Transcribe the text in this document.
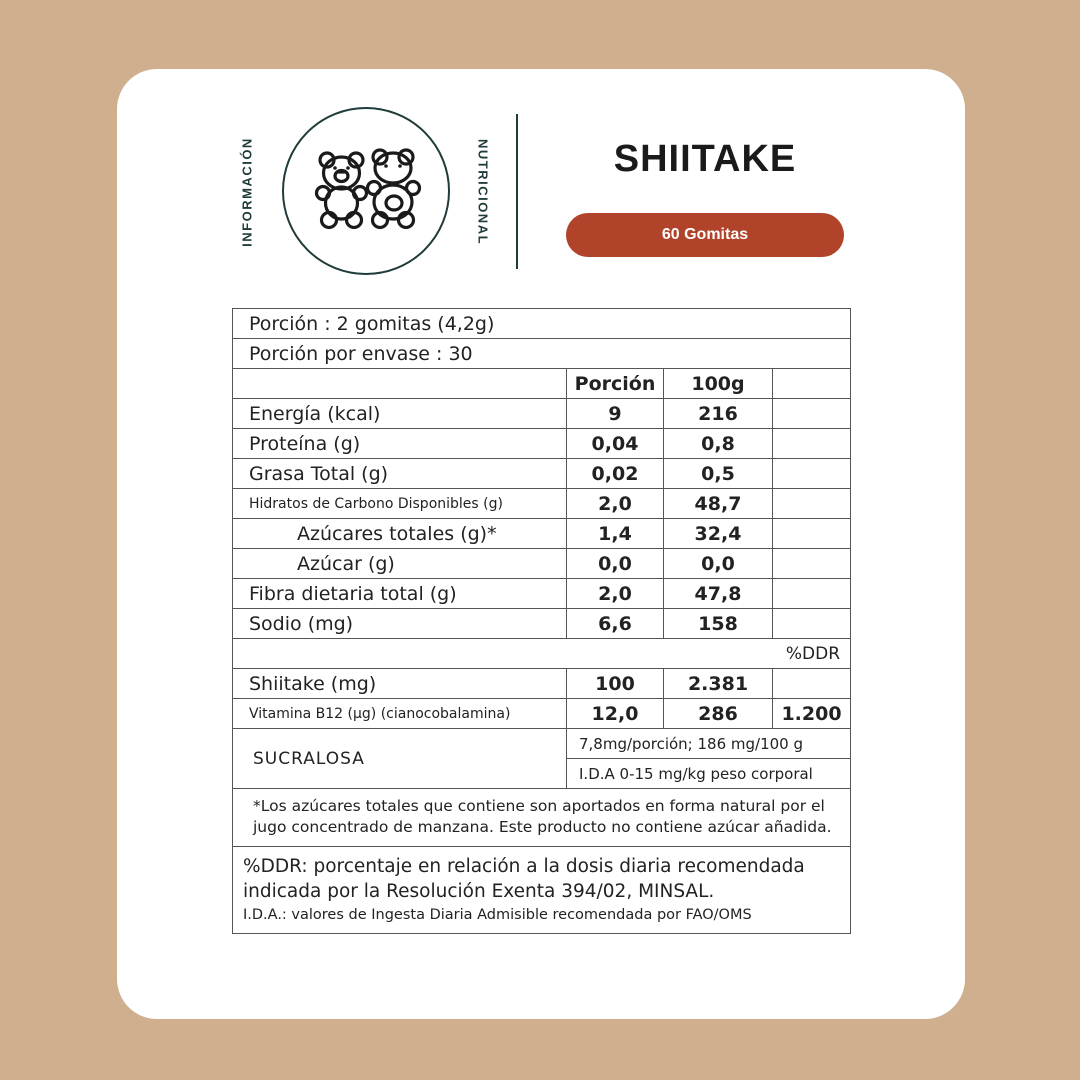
INFORMACIÓN	NUTRICIONAL	SHIITAKE
60 Gomitas
Porción : 2 gomitas (4,2g)			
Porción por envase : 30			
	Porción	100g	
Energía (kcal)	9	216	
Proteína (g)	0,04	0,8	
Grasa Total (g)	0,02	0,5	
Hidratos de Carbono Disponibles (g)	2,0	48,7	
Azúcares totales (g)*	1,4	32,4	
Azúcar (g)	0,0	0,0	
Fibra dietaria total (g)	2,0	47,8	
Sodio (mg)	6,6	158	
%DDR			
Shiitake (mg)	100	2.381	
Vitamina B12 (µg) (cianocobalamina)	12,0	286	1.200
SUCRALOSA	7,8mg/porción; 186 mg/100 g		
	I.D.A 0-15 mg/kg peso corporal		
*Los azúcares totales que contiene son aportados en forma natural por el jugo concentrado de manzana. Este producto no contiene azúcar añadida.			

%DDR: porcentaje en relación a la dosis diaria recomendada indicada por la Resolución Exenta 394/02, MINSAL.
I.D.A.: valores de Ingesta Diaria Admisible recomendada por FAO/OMS			
